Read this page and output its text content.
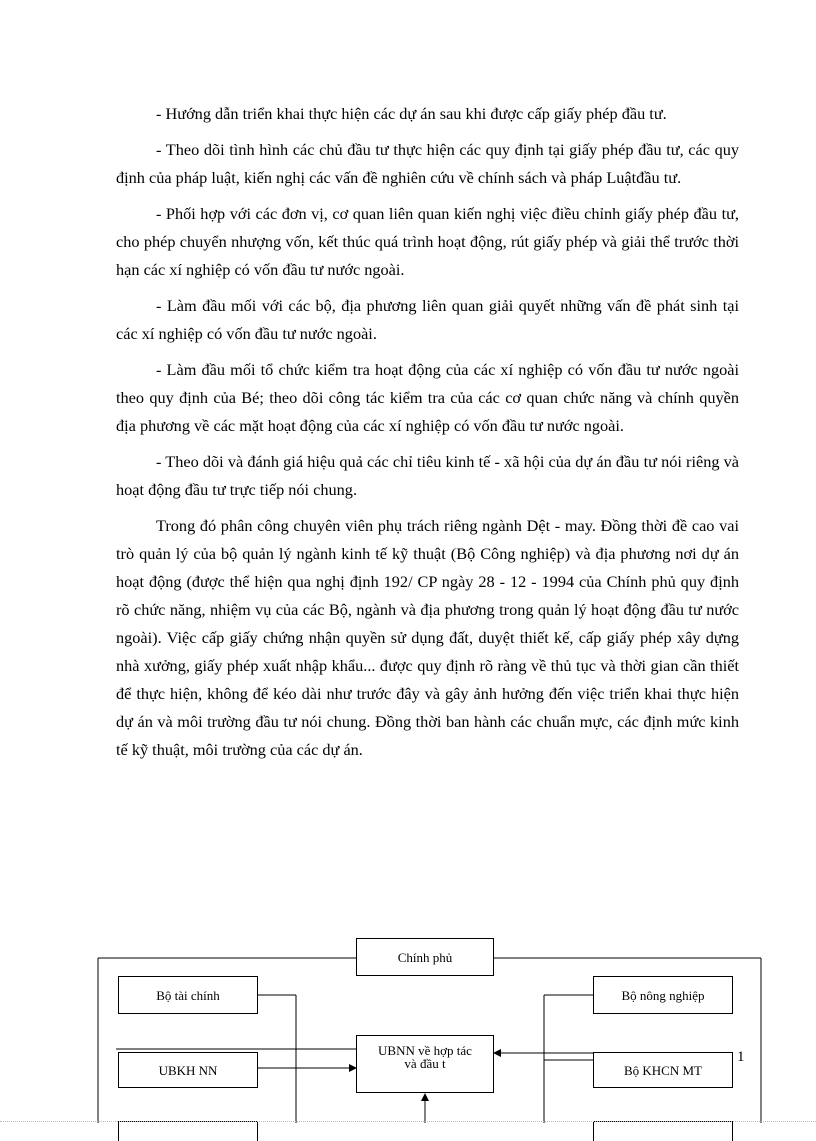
- Hướng dẫn triển khai thực hiện các dự án sau khi được cấp giấy phép đầu tư.

- Theo dõi tình hình các chủ đầu tư thực hiện các quy định tại giấy phép đầu tư, các quy định của pháp luật, kiến nghị các vấn đề nghiên cứu về chính sách và pháp Luậtđầu tư.

- Phối hợp với các đơn vị, cơ quan liên quan kiến nghị việc điều chỉnh giấy phép đầu tư, cho phép chuyển nhượng vốn, kết thúc quá trình hoạt động, rút giấy phép và giải thể trước thời hạn các xí nghiệp có vốn đầu tư nước ngoài.

- Làm đầu mối với các bộ, địa phương liên quan giải quyết những vấn đề phát sinh tại các xí nghiệp có vốn đầu tư nước ngoài.

- Làm đầu mối tổ chức kiểm tra hoạt động của các xí nghiệp có vốn đầu tư nước ngoài theo quy định của Bé; theo dõi công tác kiểm tra của các cơ quan chức năng và chính quyền địa phương về các mặt hoạt động của các xí nghiệp có vốn đầu tư nước ngoài.

- Theo dõi và đánh giá hiệu quả các chỉ tiêu kinh tế - xã hội của dự án đầu tư nói riêng và hoạt động đầu tư trực tiếp nói chung.

Trong đó phân công chuyên viên phụ trách riêng ngành Dệt - may. Đồng thời đề cao vai trò quản lý của bộ quản lý ngành kinh tế kỹ thuật (Bộ Công nghiệp) và địa phương nơi dự án hoạt động (được thể hiện qua nghị định 192/ CP ngày 28 - 12 - 1994 của Chính phủ quy định rõ chức năng, nhiệm vụ của các Bộ, ngành và địa phương trong quản lý hoạt động đầu tư nước ngoài). Việc cấp giấy chứng nhận quyền sử dụng đất, duyệt thiết kế, cấp giấy phép xây dựng nhà xưởng, giấy phép xuất nhập khẩu... được quy định rõ ràng về thủ tục và thời gian cần thiết để thực hiện, không để kéo dài như trước đây và gây ảnh hưởng đến việc triển khai thực hiện dự án và môi trường đầu tư nói chung. Đồng thời ban hành các chuẩn mực, các định mức kinh tế kỹ thuật, môi trường của các dự án.

Chính phủ
Bộ tài chính
UBKH NN
UBNN về hợp tác
và đầu t
Bộ nông nghiệp
Bộ KHCN MT
1
